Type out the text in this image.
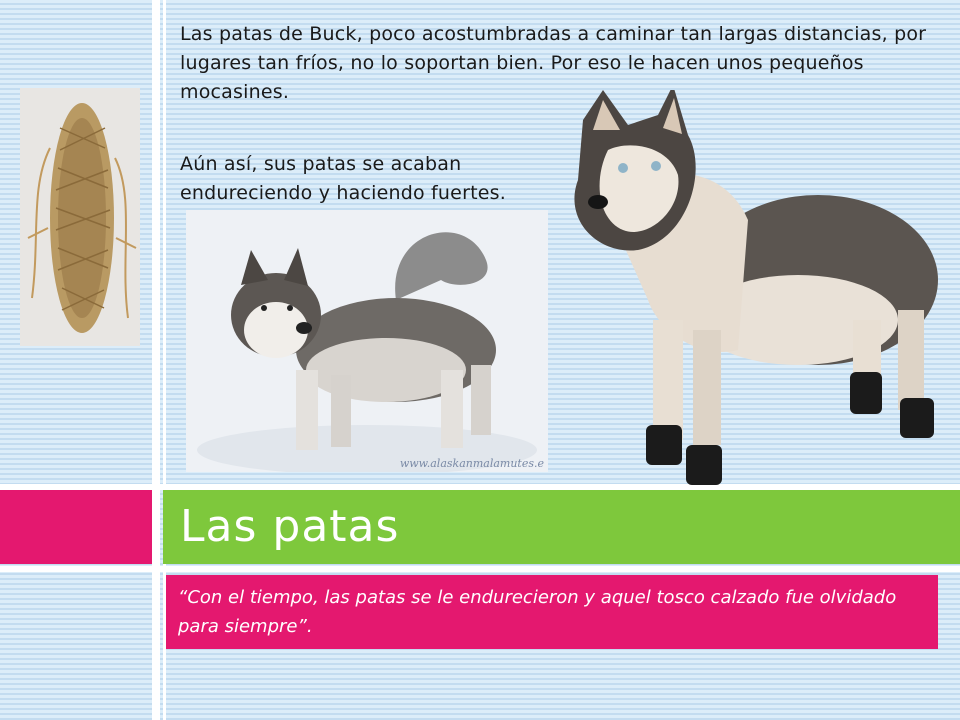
Las patas de Buck, poco acostumbradas a caminar tan largas distancias, por lugares tan fríos, no lo soportan bien. Por eso le hacen unos pequeños mocasines.

Aún así, sus patas se acaban

endureciendo y haciendo fuertes.

www.alaskanmalamutes.e
Las patas

“Con el tiempo, las patas se le endurecieron y aquel tosco calzado fue olvidado para siempre”.
